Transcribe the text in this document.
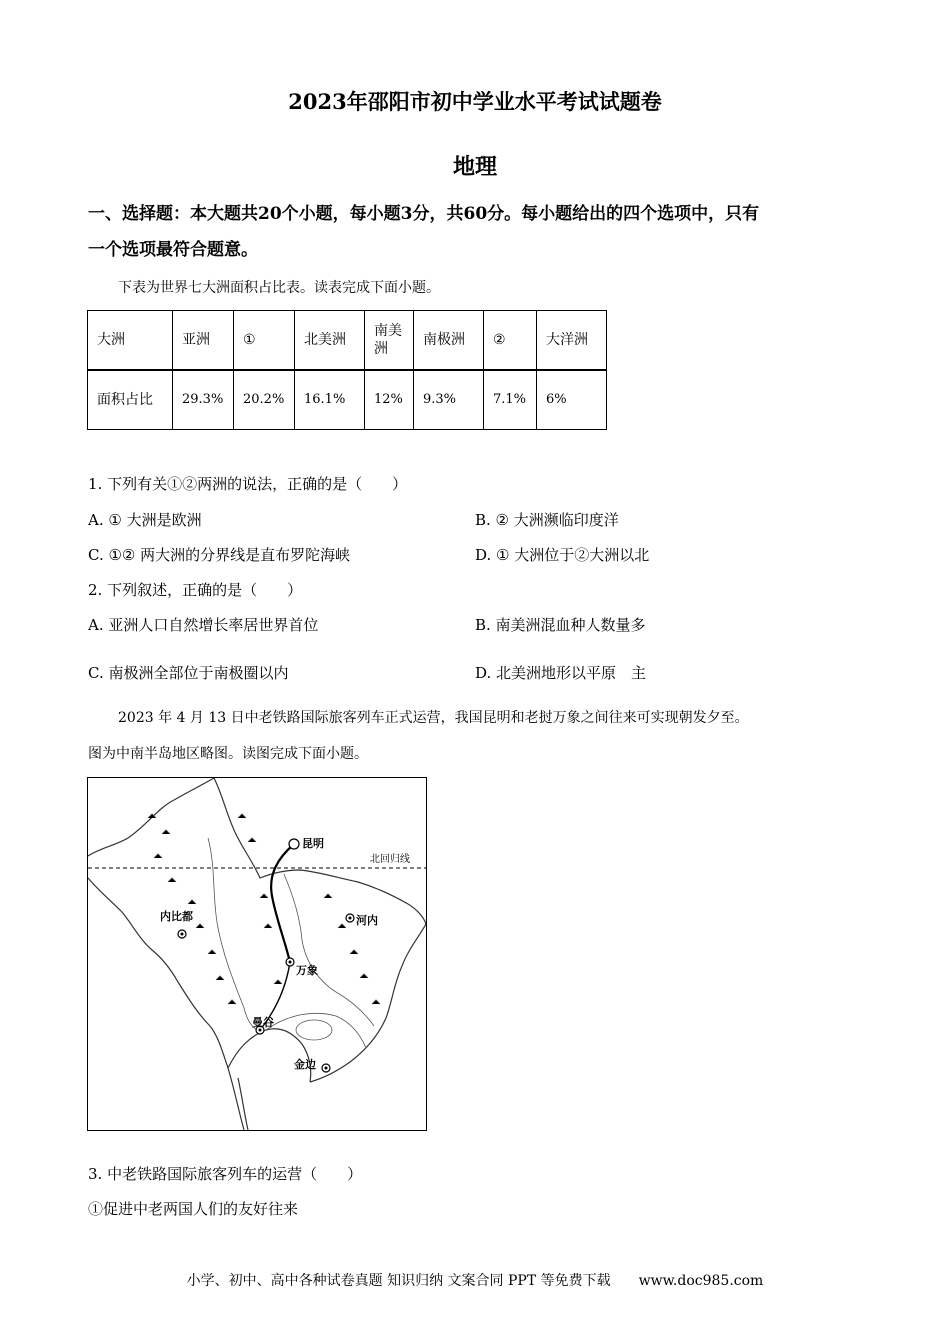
2023年邵阳市初中学业水平考试试题卷
地理
一、选择题：本大题共20个小题，每小题3分，共60分。每小题给出的四个选项中，只有
一个选项最符合题意。
下表为世界七大洲面积占比表。读表完成下面小题。
大洲	亚洲	①	北美洲	南美洲	南极洲	②	大洋洲
面积占比	29.3%	20.2%	16.1%	12%	9.3%	7.1%	6%
1. 下列有关①②两洲的说法，正确的是（　　）
A. ① 大洲是欧洲	B. ② 大洲濒临印度洋
C. ①② 两大洲的分界线是直布罗陀海峡	D. ① 大洲位于②大洲以北
2. 下列叙述，正确的是（　　）
A. 亚洲人口自然增长率居世界首位	B. 南美洲混血种人数量多
C. 南极洲全部位于南极圈以内	D. 北美洲地形以平原　主
2023 年 4 月 13 日中老铁路国际旅客列车正式运营，我国昆明和老挝万象之间往来可实现朝发夕至。
图为中南半岛地区略图。读图完成下面小题。
昆明
北回归线
河内
内比都
万象
曼谷
金边
3. 中老铁路国际旅客列车的运营（　　）
①促进中老两国人们的友好往来
小学、初中、高中各种试卷真题 知识归纳 文案合同 PPT 等免费下载　　www.doc985.com
